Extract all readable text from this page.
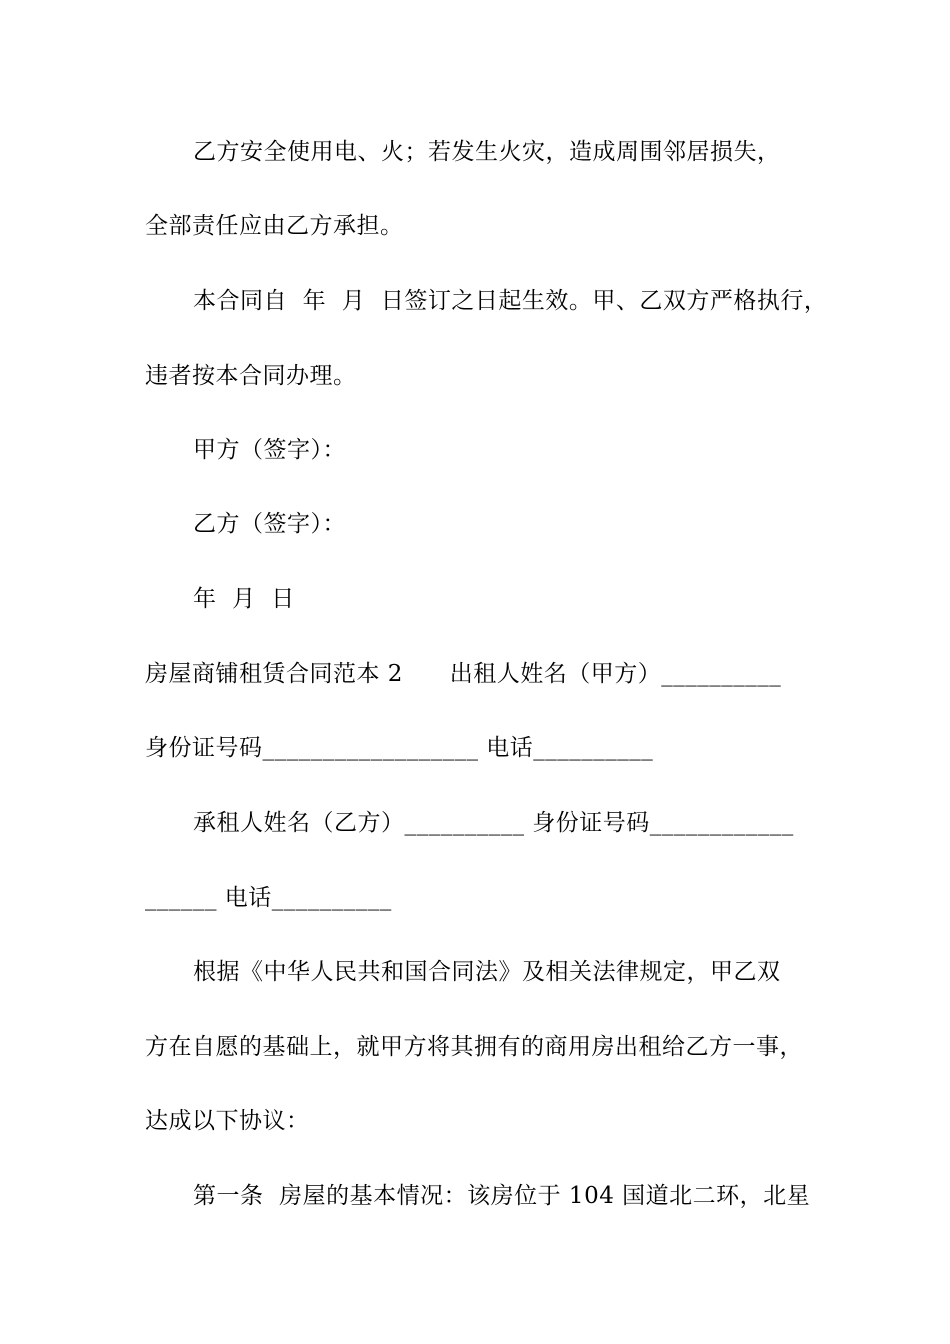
乙方安全使用电、火；若发生火灾，造成周围邻居损失，
全部责任应由乙方承担。
本合同自  年  月  日签订之日起生效。甲、乙双方严格执行，
违者按本合同办理。
甲方（签字）：
乙方（签字）：
年  月  日
房屋商铺租赁合同范本 2      出租人姓名（甲方）__________
身份证号码__________________ 电话__________
承租人姓名（乙方）__________ 身份证号码____________
______ 电话__________
根据《中华人民共和国合同法》及相关法律规定，甲乙双
方在自愿的基础上，就甲方将其拥有的商用房出租给乙方一事，
达成以下协议：
第一条  房屋的基本情况：该房位于 104 国道北二环，北星
